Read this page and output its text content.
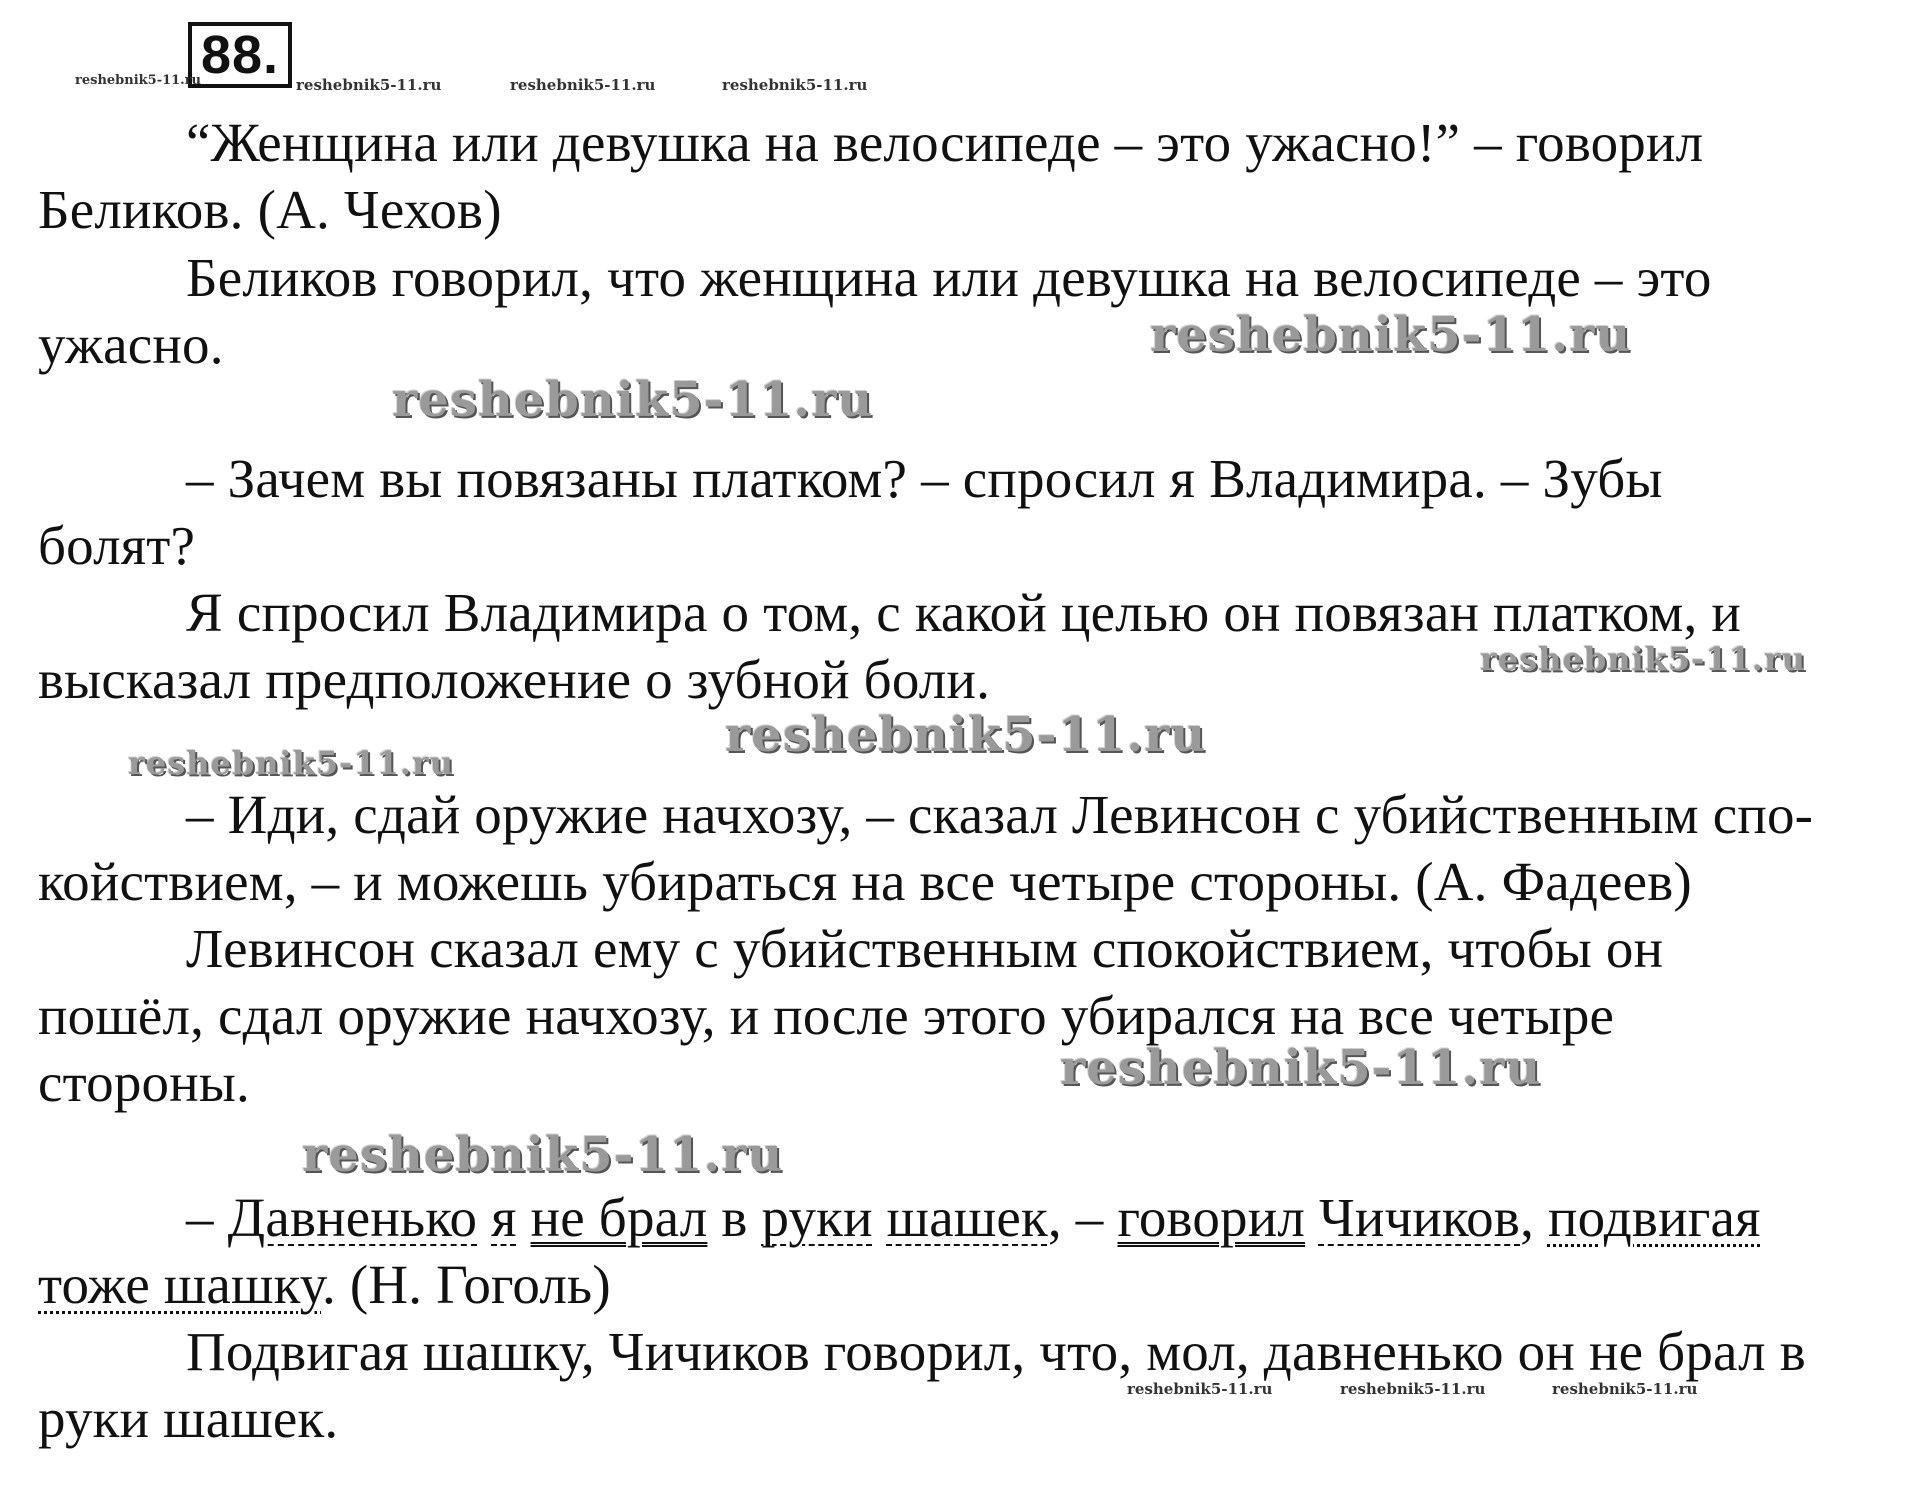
88.
reshebnik5-11.ru	reshebnik5-11.ru	reshebnik5-11.ru	reshebnik5-11.ru
“Женщина или девушка на велосипеде – это ужасно!” – говорил
Беликов. (А. Чехов)
Беликов говорил, что женщина или девушка на велосипеде – это
ужасно.
– Зачем вы повязаны платком? – спросил я Владимира. – Зубы
болят?
Я спросил Владимира о том, с какой целью он повязан платком, и
высказал предположение о зубной боли.
– Иди, сдай оружие начхозу, – сказал Левинсон с убийственным спо-
койствием, – и можешь убираться на все четыре стороны. (А. Фадеев)
Левинсон сказал ему с убийственным спокойствием, чтобы он
пошёл, сдал оружие начхозу, и после этого убирался на все четыре
стороны.
– Давненько я не брал в руки шашек, – говорил Чичиков, подвигая
тоже шашку. (Н. Гоголь)
Подвигая шашку, Чичиков говорил, что, мол, давненько он не брал в
руки шашек.
reshebnik5-11.ru
reshebnik5-11.ru
reshebnik5-11.ru
reshebnik5-11.ru
reshebnik5-11.ru
reshebnik5-11.ru
reshebnik5-11.ru
reshebnik5-11.ru	reshebnik5-11.ru	reshebnik5-11.ru
